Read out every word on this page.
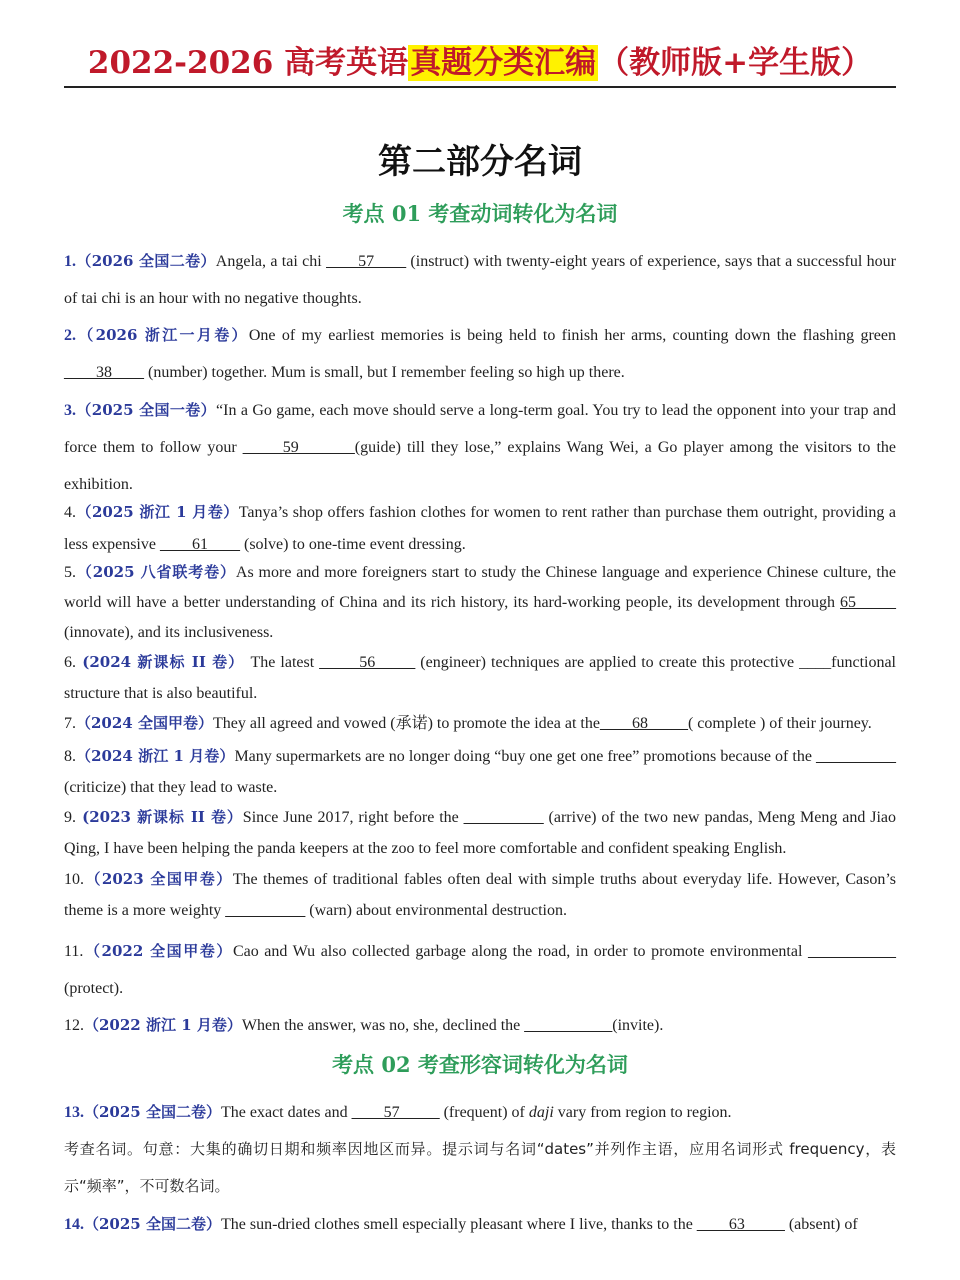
2022-2026 高考英语真题分类汇编（教师版+学生版）
第二部分名词
考点 01 考查动词转化为名词
1.（2026 全国二卷）Angela, a tai chi ____57____ (instruct) with twenty-eight years of experience, says that a successful hour of tai chi is an hour with no negative thoughts.
2.（2026 浙江一月卷）One of my earliest memories is being held to finish her arms, counting down the flashing green ____38____ (number) together. Mum is small, but I remember feeling so high up there.
3.（2025 全国一卷）“In a Go game, each move should serve a long-term goal. You try to lead the opponent into your trap and force them to follow your _____59_______(guide) till they lose,” explains Wang Wei, a Go player among the visitors to the exhibition.
4.（2025 浙江 1 月卷）Tanya’s shop offers fashion clothes for women to rent rather than purchase them outright, providing a less expensive ____61____ (solve) to one-time event dressing.
5.（2025 八省联考卷）As more and more foreigners start to study the Chinese language and experience Chinese culture, the world will have a better understanding of China and its rich history, its hard-working people, its development through 65_____ (innovate), and its inclusiveness.
6. (2024 新课标 II 卷） The latest _____56_____ (engineer) techniques are applied to create this protective ____functional structure that is also beautiful.
7.（2024 全国甲卷）They all agreed and vowed (承诺) to promote the idea at the____68_____( complete ) of their journey.
8.（2024 浙江 1 月卷）Many supermarkets are no longer doing “buy one get one free” promotions because of the __________ (criticize) that they lead to waste.
9. (2023 新课标 II 卷）Since June 2017, right before the __________ (arrive) of the two new pandas, Meng Meng and Jiao Qing, I have been helping the panda keepers at the zoo to feel more comfortable and confident speaking English.
10.（2023 全国甲卷）The themes of traditional fables often deal with simple truths about everyday life. However, Cason’s theme is a more weighty __________ (warn) about environmental destruction.
11.（2022 全国甲卷）Cao and Wu also collected garbage along the road, in order to promote environmental ___________ (protect).
12.（2022 浙江 1 月卷）When the answer, was no, she, declined the ___________(invite).
考点 02 考查形容词转化为名词
13.（2025 全国二卷）The exact dates and ____57_____ (frequent) of daji vary from region to region.
考查名词。句意：大集的确切日期和频率因地区而异。提示词与名词“dates”并列作主语，应用名词形式 frequency，表示“频率”，不可数名词。
14.（2025 全国二卷）The sun-dried clothes smell especially pleasant where I live, thanks to the ____63_____ (absent) of
